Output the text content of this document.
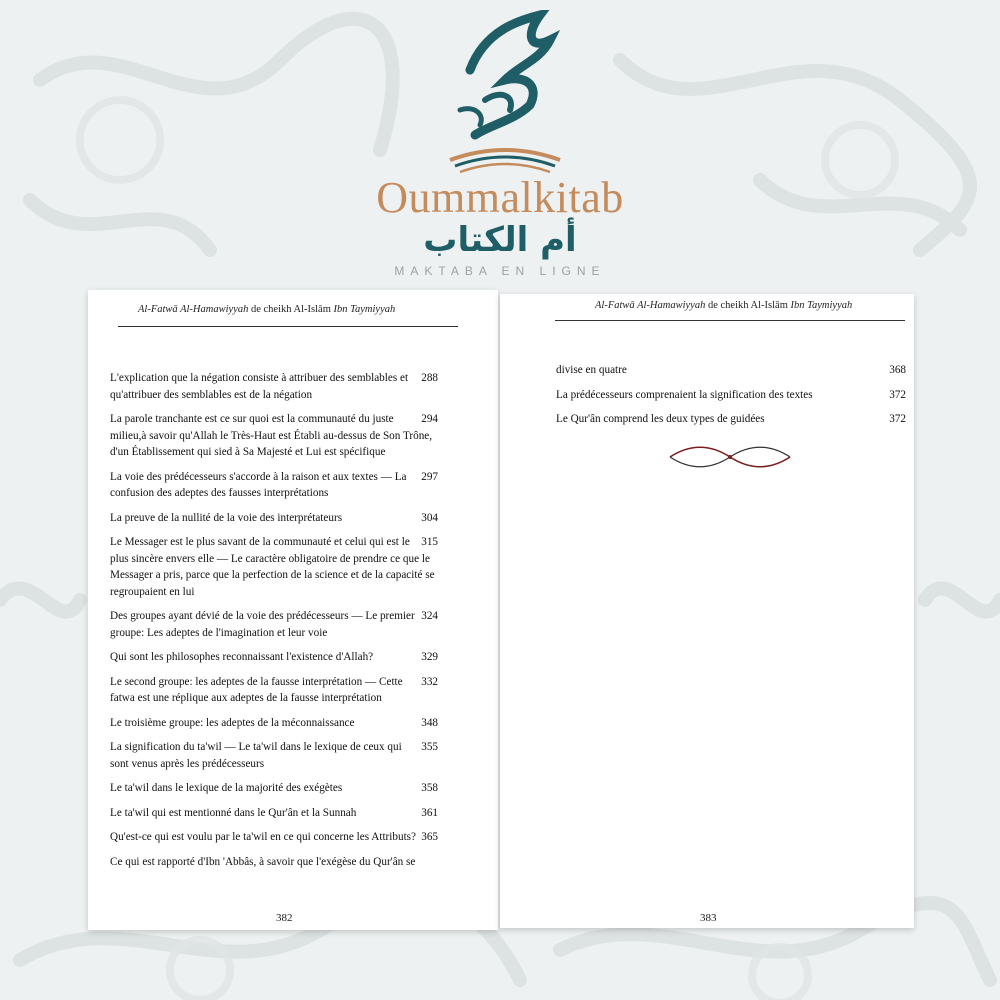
Oummalkitab
أم الكتاب
MAKTABA EN LIGNE
Al-Fatwā Al-Hamawiyyah de cheikh Al-Islām Ibn Taymiyyah
288
L'explication que la négation consiste à attribuer des semblables et qu'attribuer des semblables est de la négation
294
La parole tranchante est ce sur quoi est la communauté du juste milieu,à savoir qu'Allah le Très-Haut est Établi au-dessus de Son Trône, d'un Établissement qui sied à Sa Majesté et Lui est spécifique
297
La voie des prédécesseurs s'accorde à la raison et aux textes — La confusion des adeptes des fausses interprétations
304
La preuve de la nullité de la voie des interprétateurs
315
Le Messager est le plus savant de la communauté et celui qui est le plus sincère envers elle — Le caractère obligatoire de prendre ce que le Messager a pris, parce que la perfection de la science et de la capacité se regroupaient en lui
324
Des groupes ayant dévié de la voie des prédécesseurs — Le premier groupe: Les adeptes de l'imagination et leur voie
329
Qui sont les philosophes reconnaissant l'existence d'Allah?
332
Le second groupe: les adeptes de la fausse interprétation — Cette fatwa est une réplique aux adeptes de la fausse interprétation
348
Le troisième groupe: les adeptes de la méconnaissance
355
La signification du ta'wil — Le ta'wil dans le lexique de ceux qui sont venus après les prédécesseurs
358
Le ta'wil dans le lexique de la majorité des exégètes
361
Le ta'wil qui est mentionné dans le Qur'ân et la Sunnah
365
Qu'est-ce qui est voulu par le ta'wil en ce qui concerne les Attributs?
Ce qui est rapporté d'Ibn 'Abbâs, à savoir que l'exégèse du Qur'ân se
382
Al-Fatwā Al-Hamawiyyah de cheikh Al-Islām Ibn Taymiyyah
368
divise en quatre
372
La prédécesseurs comprenaient la signification des textes
372
Le Qur'ân comprend les deux types de guidées
383
